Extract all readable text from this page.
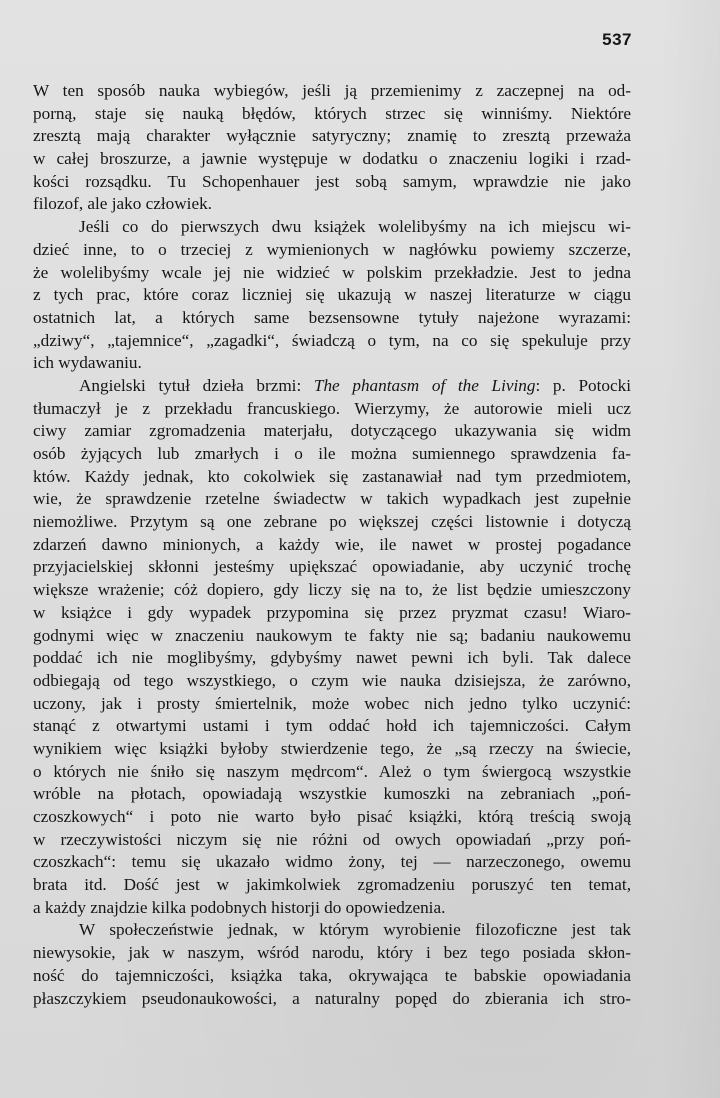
537
W ten sposób nauka wybiegów, jeśli ją przemienimy z zaczepnej na od-
porną, staje się nauką błędów, których strzec się winniśmy. Niektóre
zresztą mają charakter wyłącznie satyryczny; znamię to zresztą przeważa
w całej broszurze, a jawnie występuje w dodatku o znaczeniu logiki i rzad-
kości rozsądku. Tu Schopenhauer jest sobą samym, wprawdzie nie jako
filozof, ale jako człowiek.
Jeśli co do pierwszych dwu książek wolelibyśmy na ich miejscu wi-
dzieć inne, to o trzeciej z wymienionych w nagłówku powiemy szczerze,
że wolelibyśmy wcale jej nie widzieć w polskim przekładzie. Jest to jedna
z tych prac, które coraz liczniej się ukazują w naszej literaturze w ciągu
ostatnich lat, a których same bezsensowne tytuły najeżone wyrazami:
„dziwy“, „tajemnice“, „zagadki“, świadczą o tym, na co się spekuluje przy
ich wydawaniu.
Angielski tytuł dzieła brzmi: The phantasm of the Living: p. Potocki
tłumaczył je z przekładu francuskiego. Wierzymy, że autorowie mieli ucz
ciwy zamiar zgromadzenia materjału, dotyczącego ukazywania się widm
osób żyjących lub zmarłych i o ile można sumiennego sprawdzenia fa-
któw. Każdy jednak, kto cokolwiek się zastanawiał nad tym przedmiotem,
wie, że sprawdzenie rzetelne świadectw w takich wypadkach jest zupełnie
niemożliwe. Przytym są one zebrane po większej części listownie i dotyczą
zdarzeń dawno minionych, a każdy wie, ile nawet w prostej pogadance
przyjacielskiej skłonni jesteśmy upiększać opowiadanie, aby uczynić trochę
większe wrażenie; cóż dopiero, gdy liczy się na to, że list będzie umieszczony
w książce i gdy wypadek przypomina się przez pryzmat czasu! Wiaro-
godnymi więc w znaczeniu naukowym te fakty nie są; badaniu naukowemu
poddać ich nie moglibyśmy, gdybyśmy nawet pewni ich byli. Tak dalece
odbiegają od tego wszystkiego, o czym wie nauka dzisiejsza, że zarówno,
uczony, jak i prosty śmiertelnik, może wobec nich jedno tylko uczynić:
stanąć z otwartymi ustami i tym oddać hołd ich tajemniczości. Całym
wynikiem więc książki byłoby stwierdzenie tego, że „są rzeczy na świecie,
o których nie śniło się naszym mędrcom“. Ależ o tym świergocą wszystkie
wróble na płotach, opowiadają wszystkie kumoszki na zebraniach „poń-
czoszkowych“ i poto nie warto było pisać książki, którą treścią swoją
w rzeczywistości niczym się nie różni od owych opowiadań „przy poń-
czoszkach“: temu się ukazało widmo żony, tej — narzeczonego, owemu
brata itd. Dość jest w jakimkolwiek zgromadzeniu poruszyć ten temat,
a każdy znajdzie kilka podobnych historji do opowiedzenia.
W społeczeństwie jednak, w którym wyrobienie filozoficzne jest tak
niewysokie, jak w naszym, wśród narodu, który i bez tego posiada skłon-
ność do tajemniczości, książka taka, okrywająca te babskie opowiadania
płaszczykiem pseudonaukowości, a naturalny popęd do zbierania ich stro-
